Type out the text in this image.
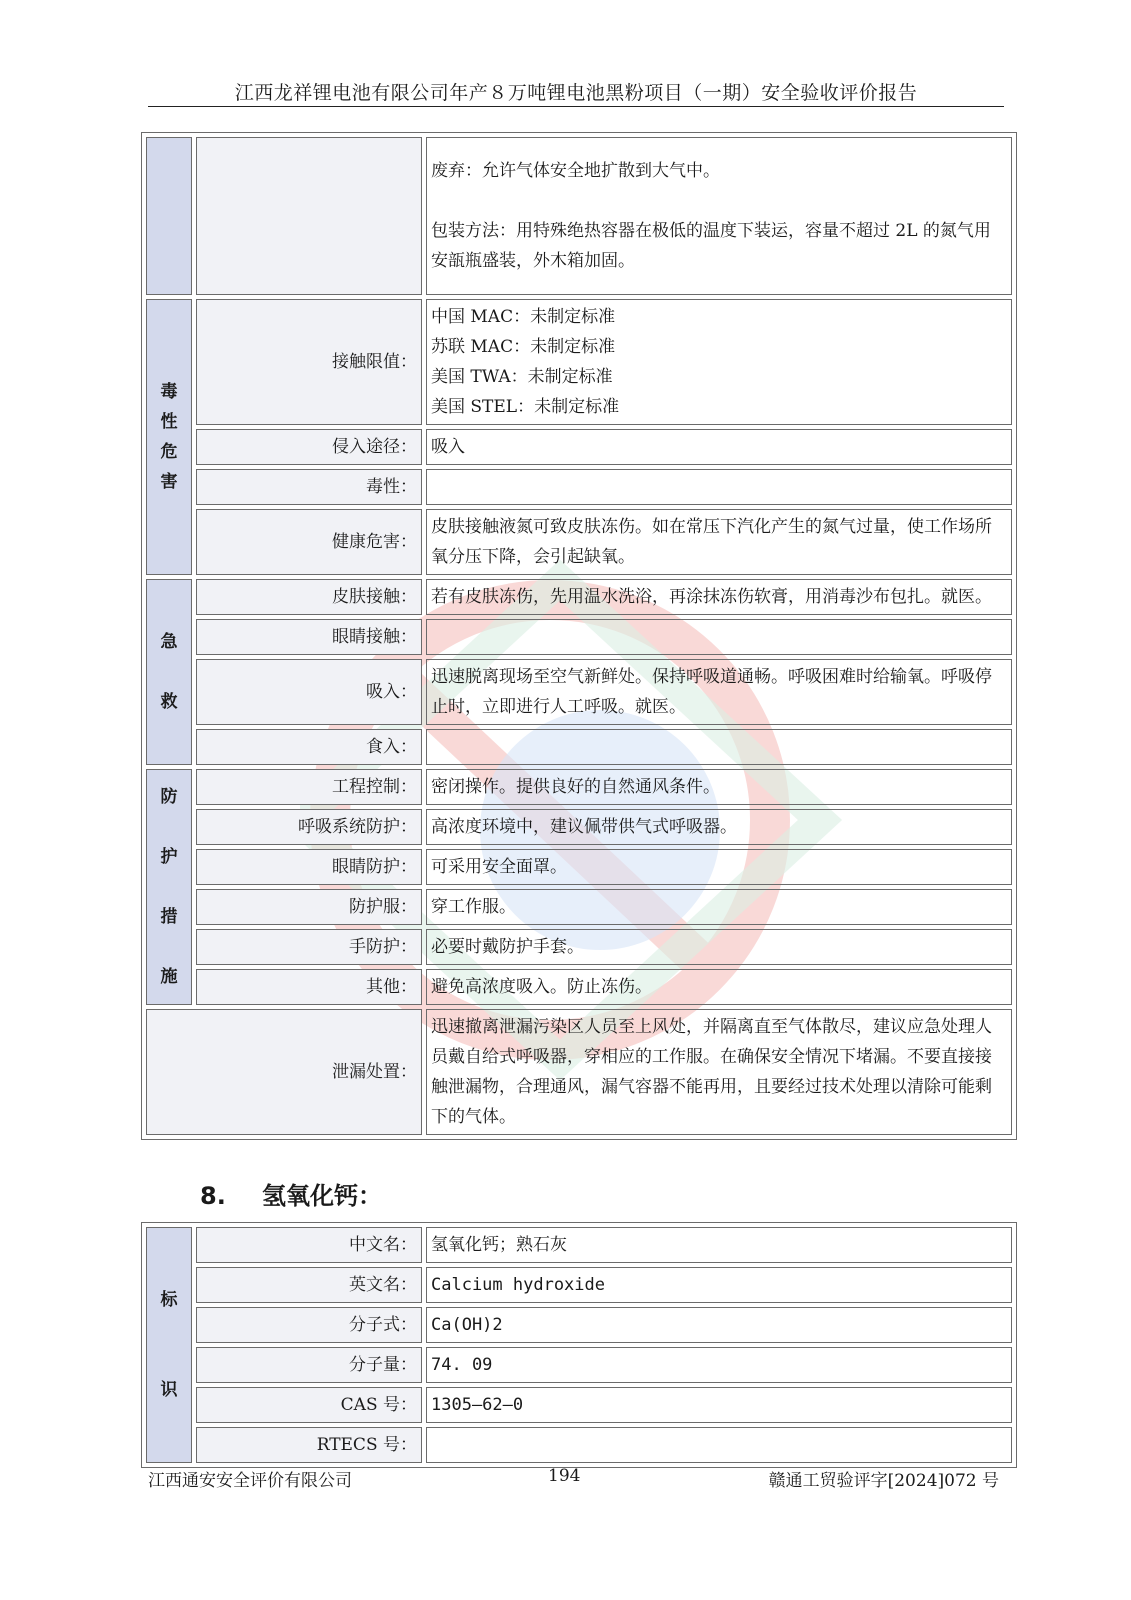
江西龙祥锂电池有限公司年产８万吨锂电池黑粉项目（一期）安全验收评价报告
		废弃：允许气体安全地扩散到大气中。

包装方法：用特殊绝热容器在极低的温度下装运，容量不超过 2L 的氮气用安瓿瓶盛装，外木箱加固。
毒
性
危
害	接触限值：	中国 MAC：未制定标准
苏联 MAC：未制定标准
美国 TWA：未制定标准
美国 STEL：未制定标准
	侵入途径：	吸入
	毒性：	
	健康危害：	皮肤接触液氮可致皮肤冻伤。如在常压下汽化产生的氮气过量，使工作场所氧分压下降，会引起缺氧。
急

救	皮肤接触：	若有皮肤冻伤，先用温水洗浴，再涂抹冻伤软膏，用消毒沙布包扎。就医。
	眼睛接触：	
	吸入：	迅速脱离现场至空气新鲜处。保持呼吸道通畅。呼吸困难时给输氧。呼吸停止时，立即进行人工呼吸。就医。
	食入：	
防

护

措

施	工程控制：	密闭操作。提供良好的自然通风条件。
	呼吸系统防护：	高浓度环境中，建议佩带供气式呼吸器。
	眼睛防护：	可采用安全面罩。
	防护服：	穿工作服。
	手防护：	必要时戴防护手套。
	其他：	避免高浓度吸入。防止冻伤。
泄漏处置：		迅速撤离泄漏污染区人员至上风处，并隔离直至气体散尽，建议应急处理人员戴自给式呼吸器，穿相应的工作服。在确保安全情况下堵漏。不要直接接触泄漏物，合理通风，漏气容器不能再用，且要经过技术处理以清除可能剩下的气体。
8. 氢氧化钙：
标

识	中文名：	氢氧化钙；熟石灰
	英文名：	Calcium hydroxide
	分子式：	Ca(OH)2
	分子量：	74. 09
	CAS 号：	1305—62—0
	RTECS 号：	
江西通安安全评价有限公司	194	赣通工贸验评字[2024]072 号
